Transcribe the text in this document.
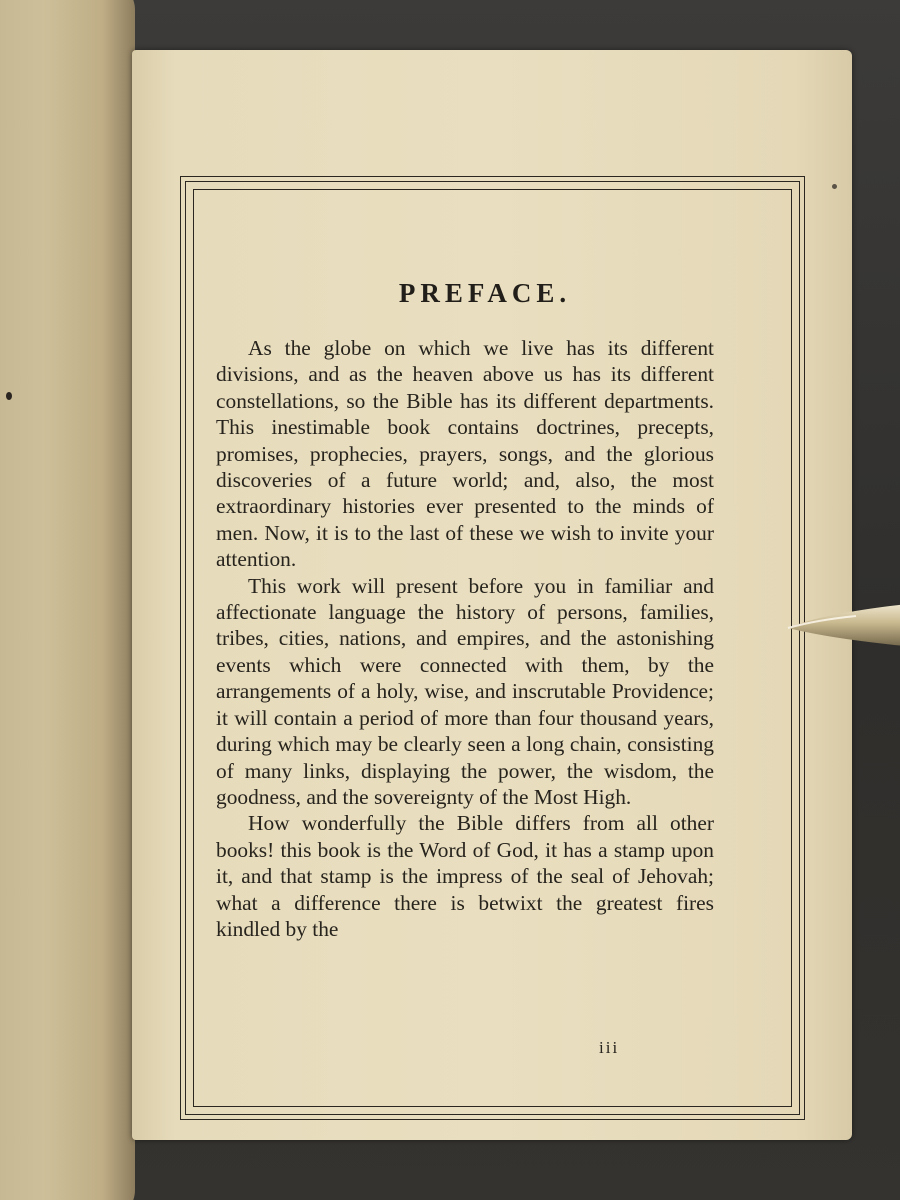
PREFACE.

As the globe on which we live has its different divisions, and as the heaven above us has its different constellations, so the Bible has its different departments. This inestimable book contains doctrines, precepts, promises, prophecies, prayers, songs, and the glorious discoveries of a future world; and, also, the most extraordinary histories ever presented to the minds of men. Now, it is to the last of these we wish to invite your attention.

This work will present before you in familiar and affectionate language the history of persons, families, tribes, cities, nations, and empires, and the astonishing events which were connected with them, by the arrangements of a holy, wise, and inscrutable Providence; it will contain a period of more than four thousand years, during which may be clearly seen a long chain, consisting of many links, displaying the power, the wisdom, the goodness, and the sovereignty of the Most High.

How wonderfully the Bible differs from all other books! this book is the Word of God, it has a stamp upon it, and that stamp is the impress of the seal of Jehovah; what a difference there is betwixt the greatest fires kindled by the

iii
